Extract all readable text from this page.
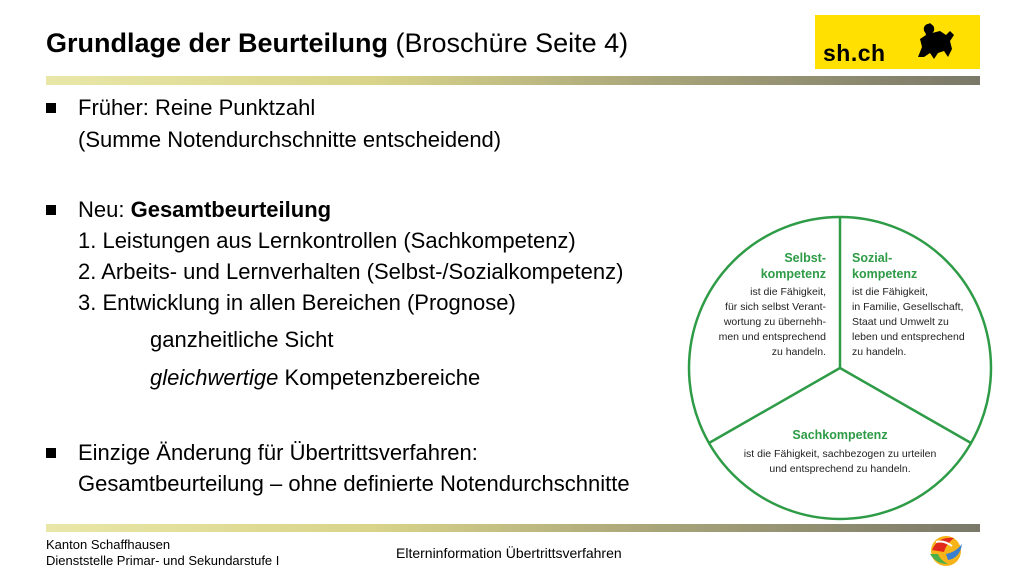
Grundlage der Beurteilung (Broschüre Seite 4)	sh.ch
Früher: Reine Punktzahl
(Summe Notendurchschnitte entscheidend)
Neu: Gesamtbeurteilung
1. Leistungen aus Lernkontrollen (Sachkompetenz)
2. Arbeits- und Lernverhalten (Selbst-/Sozialkompetenz)
3. Entwicklung in allen Bereichen (Prognose)
ganzheitliche Sicht
gleichwertige Kompetenzbereiche
Einzige Änderung für Übertrittsverfahren:
Gesamtbeurteilung – ohne definierte Notendurchschnitte
Selbst-
kompetenz
ist die Fähigkeit,
für sich selbst Verant-
wortung zu übernehh-
men und entsprechend
zu handeln.
Sozial-
kompetenz
ist die Fähigkeit,
in Familie, Gesellschaft,
Staat und Umwelt zu
leben und entsprechend
zu handeln.
Sachkompetenz
ist die Fähigkeit, sachbezogen zu urteilen
und entsprechend zu handeln.
Kanton Schaffhausen
Dienststelle Primar- und Sekundarstufe I	Elterninformation Übertrittsverfahren
